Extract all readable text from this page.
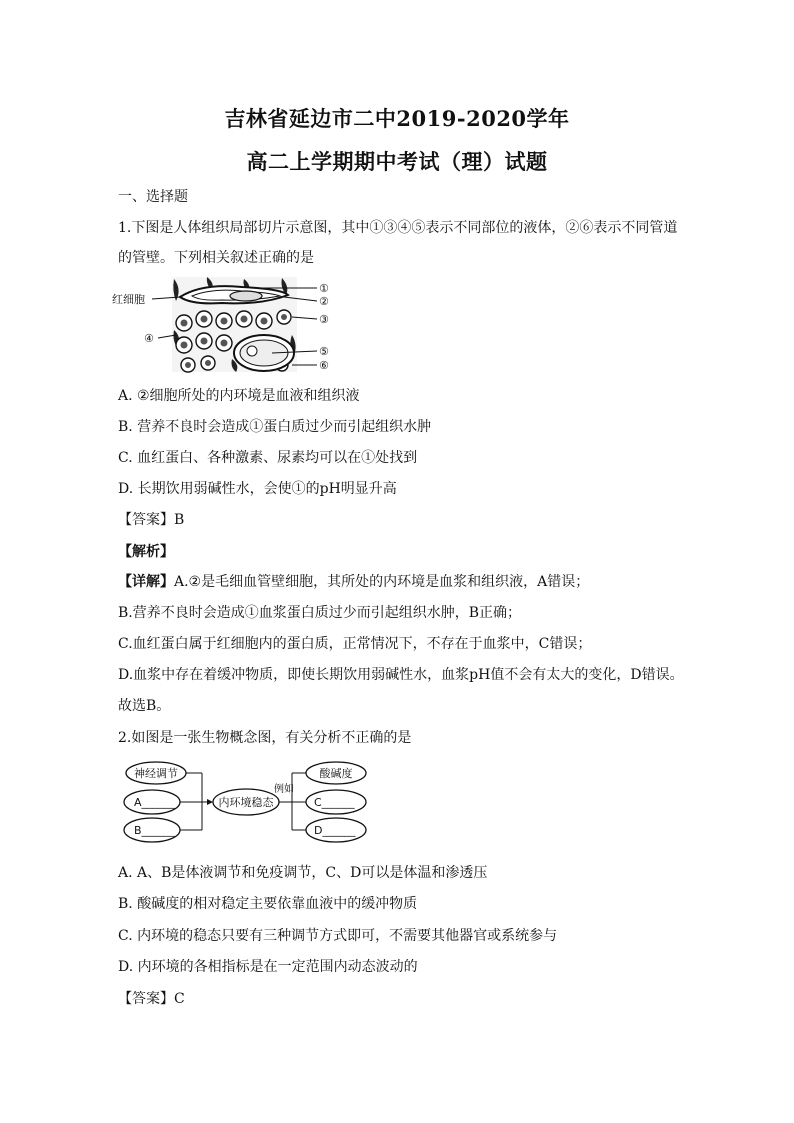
吉林省延边市二中2019-2020学年
高二上学期期中考试（理）试题
一、选择题
1.下图是人体组织局部切片示意图，其中①③④⑤表示不同部位的液体，②⑥表示不同管道
的管壁。下列相关叙述正确的是
红细胞
①
②
③
④
⑤
⑥
A. ②细胞所处的内环境是血液和组织液
B. 营养不良时会造成①蛋白质过少而引起组织水肿
C. 血红蛋白、各种激素、尿素均可以在①处找到
D. 长期饮用弱碱性水，会使①的pH明显升高
【答案】B
【解析】
【详解】A.②是毛细血管壁细胞，其所处的内环境是血浆和组织液，A错误；
B.营养不良时会造成①血浆蛋白质过少而引起组织水肿，B正确；
C.血红蛋白属于红细胞内的蛋白质，正常情况下，不存在于血浆中，C错误；
D.血浆中存在着缓冲物质，即使长期饮用弱碱性水，血浆pH值不会有太大的变化，D错误。
故选B。
2.如图是一张生物概念图，有关分析不正确的是
神经调节
A______
B______
内环境稳态
例如
酸碱度
C______
D______
A. A、B是体液调节和免疫调节，C、D可以是体温和渗透压
B. 酸碱度的相对稳定主要依靠血液中的缓冲物质
C. 内环境的稳态只要有三种调节方式即可，不需要其他器官或系统参与
D. 内环境的各相指标是在一定范围内动态波动的
【答案】C
